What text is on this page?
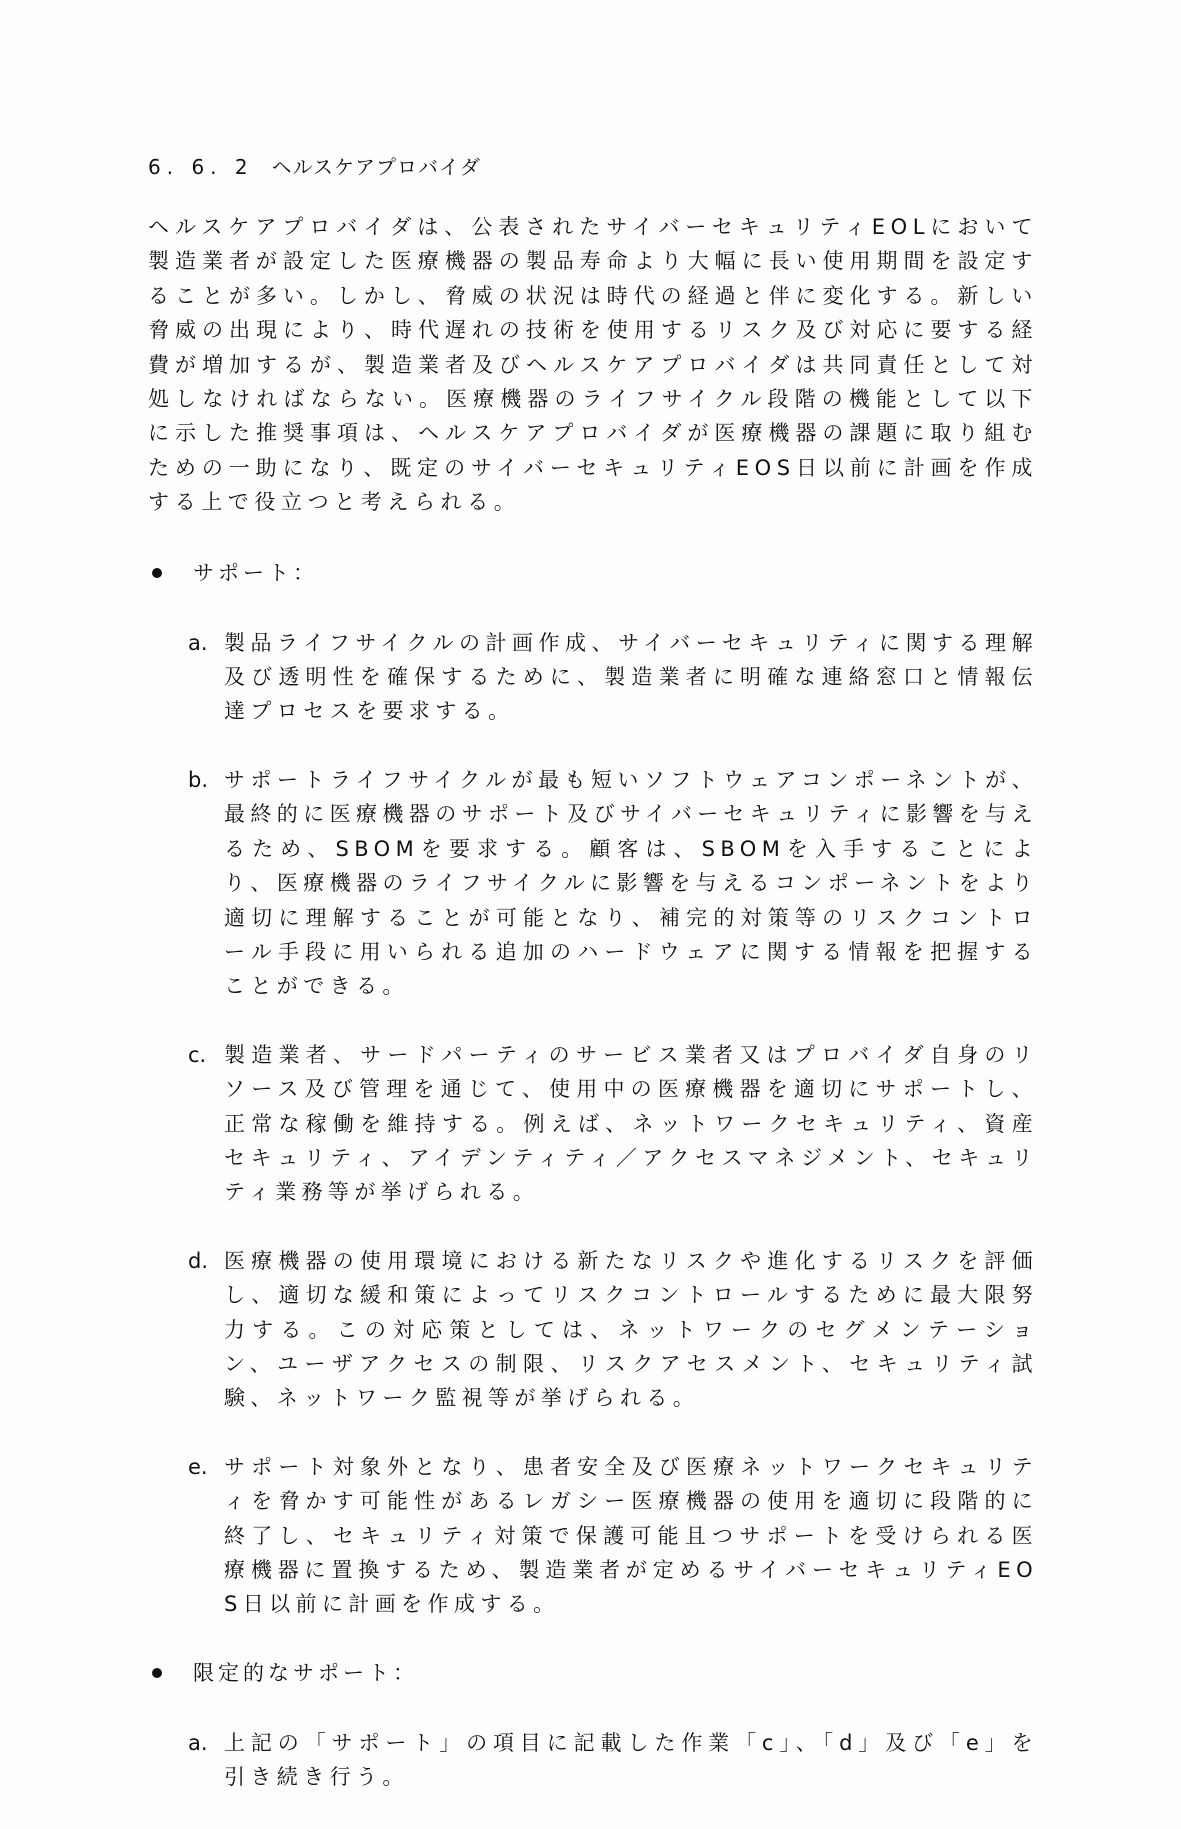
6. 6. 2 ヘルスケアプロバイダ

ヘルスケアプロバイダは、公表されたサイバーセキュリティEOLにおいて製造業者が設定した医療機器の製品寿命より大幅に長い使用期間を設定することが多い。しかし、脅威の状況は時代の経過と伴に変化する。新しい脅威の出現により、時代遅れの技術を使用するリスク及び対応に要する経費が増加するが、製造業者及びヘルスケアプロバイダは共同責任として対処しなければならない。医療機器のライフサイクル段階の機能として以下に示した推奨事項は、ヘルスケアプロバイダが医療機器の課題に取り組むための一助になり、既定のサイバーセキュリティEOS日以前に計画を作成する上で役立つと考えられる。

サポート：
a. 製品ライフサイクルの計画作成、サイバーセキュリティに関する理解及び透明性を確保するために、製造業者に明確な連絡窓口と情報伝達プロセスを要求する。
b. サポートライフサイクルが最も短いソフトウェアコンポーネントが、最終的に医療機器のサポート及びサイバーセキュリティに影響を与えるため、SBOMを要求する。顧客は、SBOMを入手することにより、医療機器のライフサイクルに影響を与えるコンポーネントをより適切に理解することが可能となり、補完的対策等のリスクコントロール手段に用いられる追加のハードウェアに関する情報を把握することができる。
c. 製造業者、サードパーティのサービス業者又はプロバイダ自身のリソース及び管理を通じて、使用中の医療機器を適切にサポートし、正常な稼働を維持する。例えば、ネットワークセキュリティ、資産セキュリティ、アイデンティティ／アクセスマネジメント、セキュリティ業務等が挙げられる。
d. 医療機器の使用環境における新たなリスクや進化するリスクを評価し、適切な緩和策によってリスクコントロールするために最大限努力する。この対応策としては、ネットワークのセグメンテーション、ユーザアクセスの制限、リスクアセスメント、セキュリティ試験、ネットワーク監視等が挙げられる。
e. サポート対象外となり、患者安全及び医療ネットワークセキュリティを脅かす可能性があるレガシー医療機器の使用を適切に段階的に終了し、セキュリティ対策で保護可能且つサポートを受けられる医療機器に置換するため、製造業者が定めるサイバーセキュリティEOS日以前に計画を作成する。
限定的なサポート：
a. 上記の「サポート」の項目に記載した作業「c」、「d」及び「e」を引き続き行う。
